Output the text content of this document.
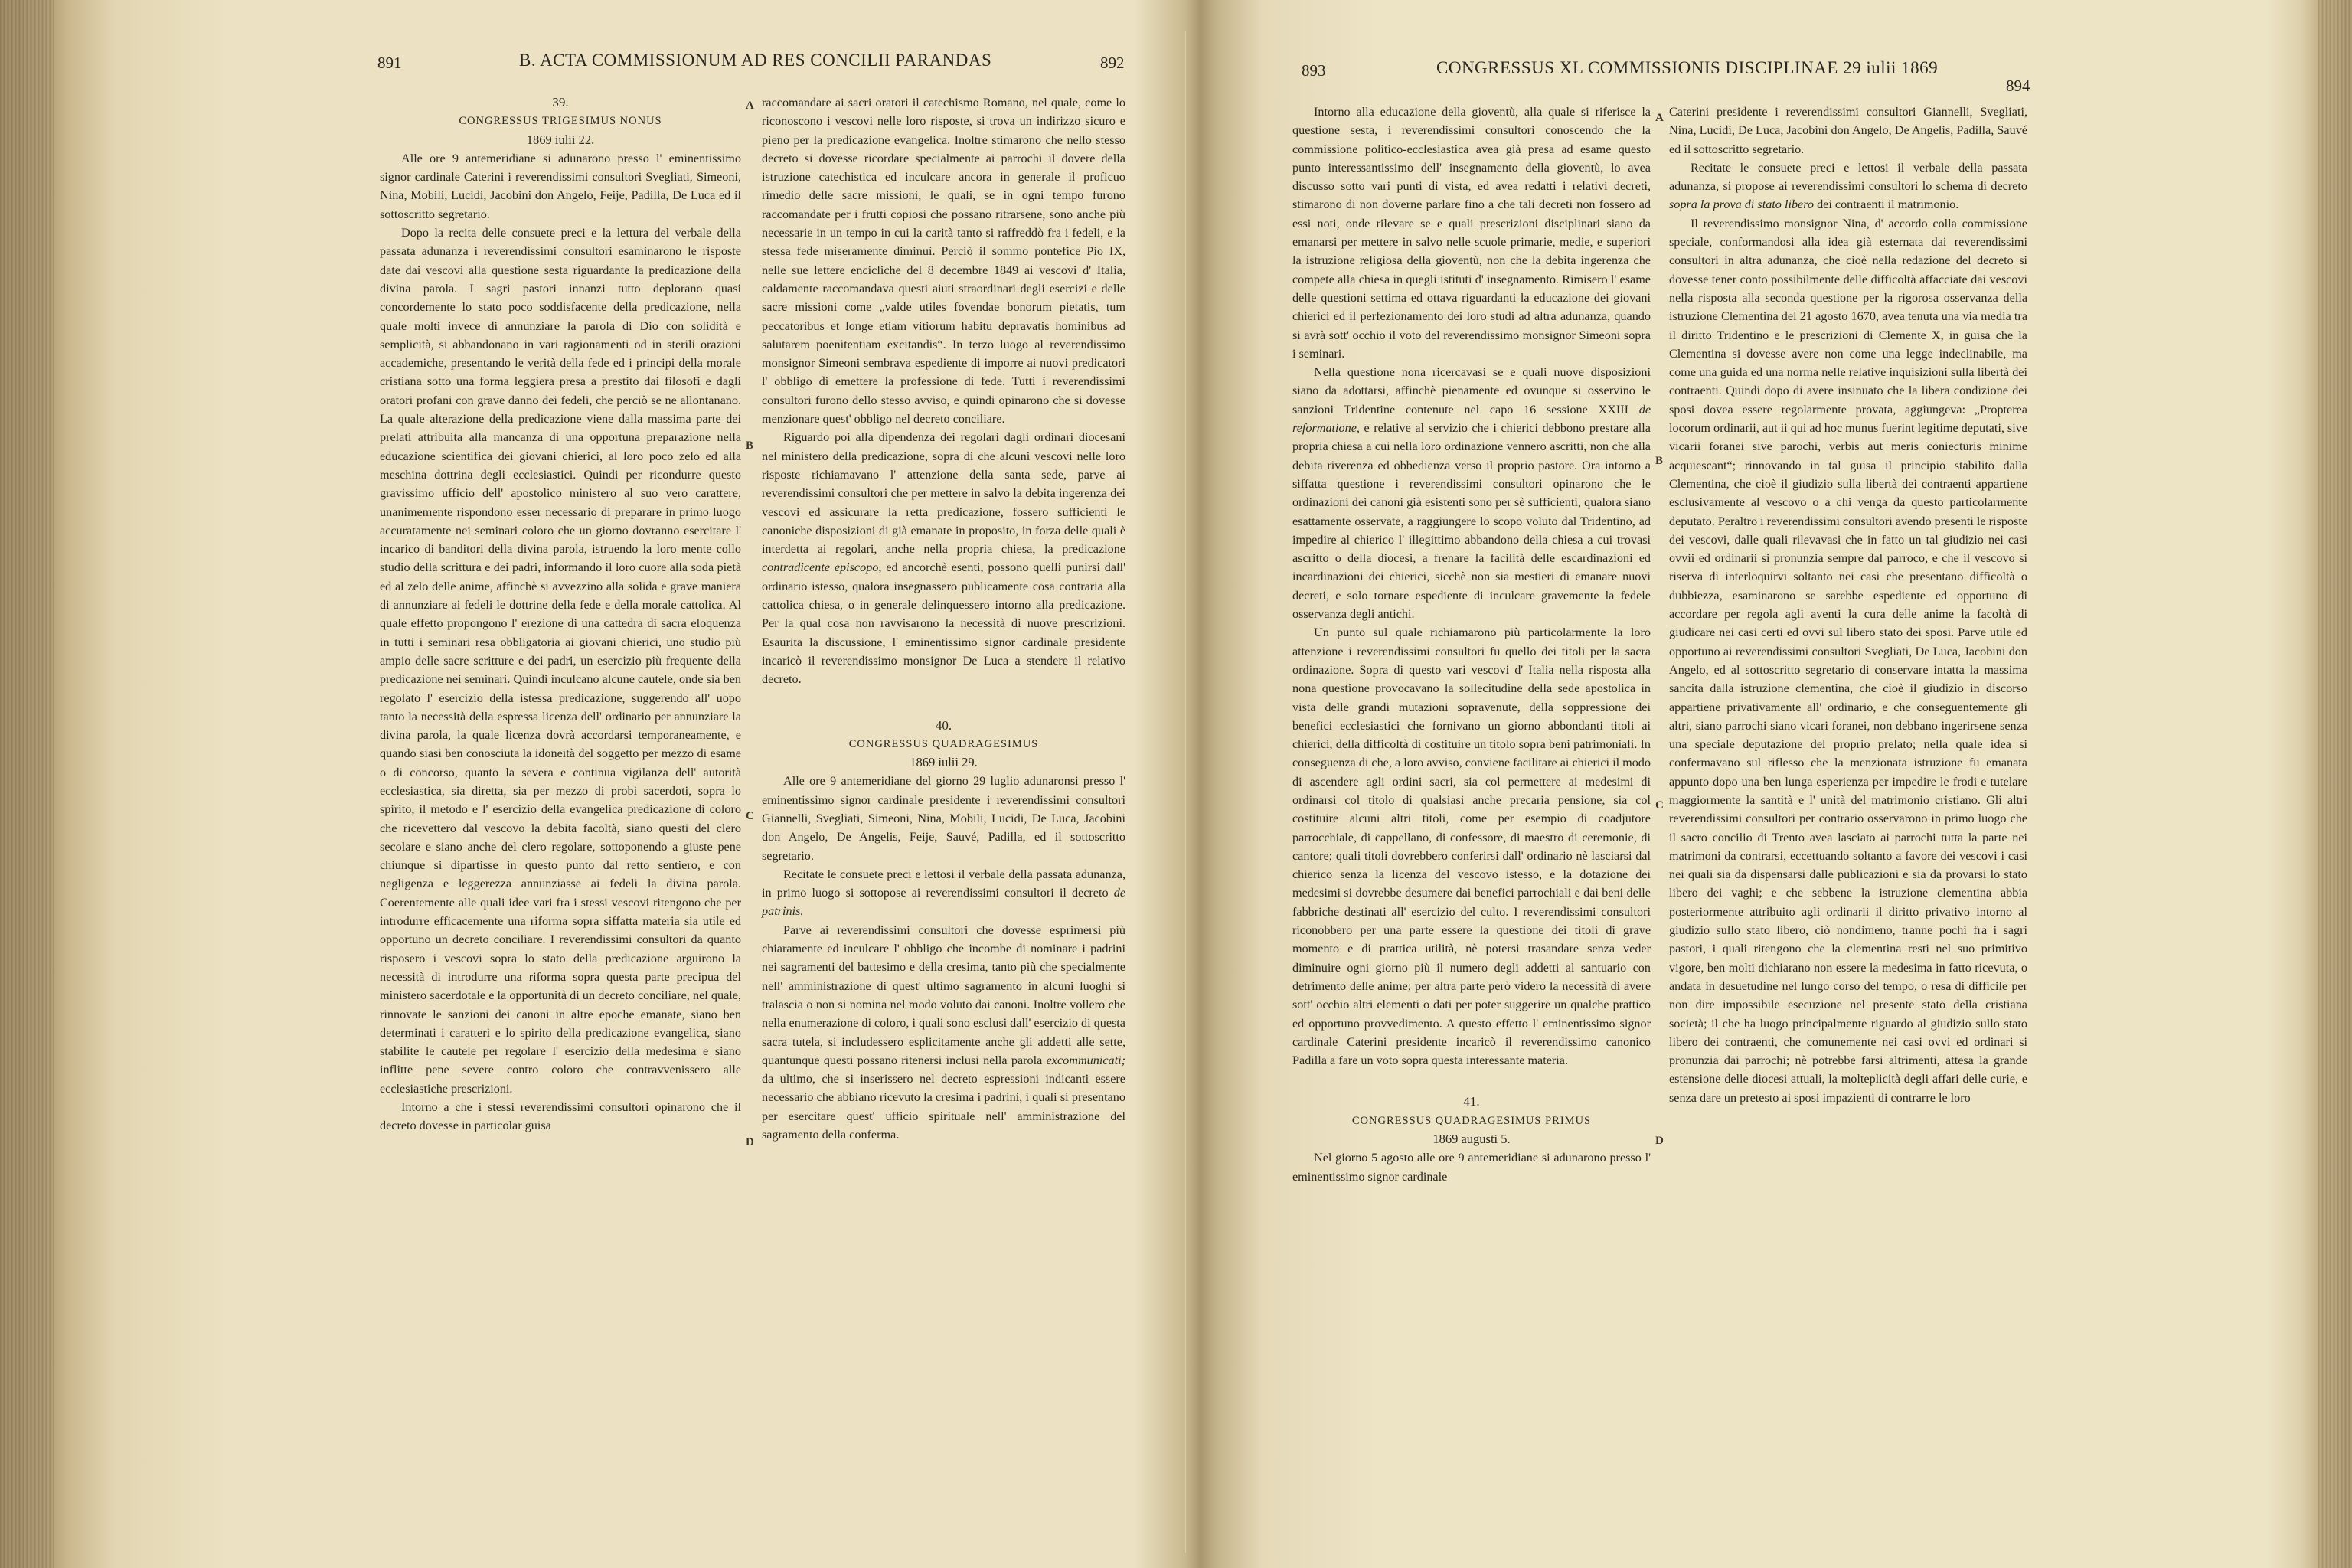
891	B. ACTA COMMISSIONUM AD RES CONCILII PARANDAS	892

39.

CONGRESSUS TRIGESIMUS NONUS

1869 iulii 22.

Alle ore 9 antemeridiane si adunarono presso l' eminentissimo signor cardinale Caterini i reverendissimi consultori Svegliati, Simeoni, Nina, Mobili, Lucidi, Jacobini don Angelo, Feije, Padilla, De Luca ed il sottoscritto segretario.

Dopo la recita delle consuete preci e la lettura del verbale della passata adunanza i reverendissimi consultori esaminarono le risposte date dai vescovi alla questione sesta riguardante la predicazione della divina parola. I sagri pastori innanzi tutto deplorano quasi concordemente lo stato poco soddisfacente della predicazione, nella quale molti invece di annunziare la parola di Dio con solidità e semplicità, si abbandonano in vari ragionamenti od in sterili orazioni accademiche, presentando le verità della fede ed i principi della morale cristiana sotto una forma leggiera presa a prestito dai filosofi e dagli oratori profani con grave danno dei fedeli, che perciò se ne allontanano. La quale alterazione della predicazione viene dalla massima parte dei prelati attribuita alla mancanza di una opportuna preparazione nella educazione scientifica dei giovani chierici, al loro poco zelo ed alla meschina dottrina degli ecclesiastici. Quindi per ricondurre questo gravissimo ufficio dell' apostolico ministero al suo vero carattere, unanimemente rispondono esser necessario di preparare in primo luogo accuratamente nei seminari coloro che un giorno dovranno esercitare l' incarico di banditori della divina parola, istruendo la loro mente collo studio della scrittura e dei padri, informando il loro cuore alla soda pietà ed al zelo delle anime, affinchè si avvezzino alla solida e grave maniera di annunziare ai fedeli le dottrine della fede e della morale cattolica. Al quale effetto propongono l' erezione di una cattedra di sacra eloquenza in tutti i seminari resa obbligatoria ai giovani chierici, uno studio più ampio delle sacre scritture e dei padri, un esercizio più frequente della predicazione nei seminari. Quindi inculcano alcune cautele, onde sia ben regolato l' esercizio della istessa predicazione, suggerendo all' uopo tanto la necessità della espressa licenza dell' ordinario per annunziare la divina parola, la quale licenza dovrà accordarsi temporaneamente, e quando siasi ben conosciuta la idoneità del soggetto per mezzo di esame o di concorso, quanto la severa e continua vigilanza dell' autorità ecclesiastica, sia diretta, sia per mezzo di probi sacerdoti, sopra lo spirito, il metodo e l' esercizio della evangelica predicazione di coloro che ricevettero dal vescovo la debita facoltà, siano questi del clero secolare e siano anche del clero regolare, sottoponendo a giuste pene chiunque si dipartisse in questo punto dal retto sentiero, e con negligenza e leggerezza annunziasse ai fedeli la divina parola. Coerentemente alle quali idee vari fra i stessi vescovi ritengono che per introdurre efficacemente una riforma sopra siffatta materia sia utile ed opportuno un decreto conciliare. I reverendissimi consultori da quanto risposero i vescovi sopra lo stato della predicazione arguirono la necessità di introdurre una riforma sopra questa parte precipua del ministero sacerdotale e la opportunità di un decreto conciliare, nel quale, rinnovate le sanzioni dei canoni in altre epoche emanate, siano ben determinati i caratteri e lo spirito della predicazione evangelica, siano stabilite le cautele per regolare l' esercizio della medesima e siano inflitte pene severe contro coloro che contravvenissero alle ecclesiastiche prescrizioni.

Intorno a che i stessi reverendissimi consultori opinarono che il decreto dovesse in particolar guisa

A
B
C
D

raccomandare ai sacri oratori il catechismo Romano, nel quale, come lo riconoscono i vescovi nelle loro risposte, si trova un indirizzo sicuro e pieno per la predicazione evangelica. Inoltre stimarono che nello stesso decreto si dovesse ricordare specialmente ai parrochi il dovere della istruzione catechistica ed inculcare ancora in generale il proficuo rimedio delle sacre missioni, le quali, se in ogni tempo furono raccomandate per i frutti copiosi che possano ritrarsene, sono anche più necessarie in un tempo in cui la carità tanto si raffreddò fra i fedeli, e la stessa fede miseramente diminuì. Perciò il sommo pontefice Pio IX, nelle sue lettere encicliche del 8 decembre 1849 ai vescovi d' Italia, caldamente raccomandava questi aiuti straordinari degli esercizi e delle sacre missioni come „valde utiles fovendae bonorum pietatis, tum peccatoribus et longe etiam vitiorum habitu depravatis hominibus ad salutarem poenitentiam excitandis“. In terzo luogo al reverendissimo monsignor Simeoni sembrava espediente di imporre ai nuovi predicatori l' obbligo di emettere la professione di fede. Tutti i reverendissimi consultori furono dello stesso avviso, e quindi opinarono che si dovesse menzionare quest' obbligo nel decreto conciliare.

Riguardo poi alla dipendenza dei regolari dagli ordinari diocesani nel ministero della predicazione, sopra di che alcuni vescovi nelle loro risposte richiamavano l' attenzione della santa sede, parve ai reverendissimi consultori che per mettere in salvo la debita ingerenza dei vescovi ed assicurare la retta predicazione, fossero sufficienti le canoniche disposizioni di già emanate in proposito, in forza delle quali è interdetta ai regolari, anche nella propria chiesa, la predicazione contradicente episcopo, ed ancorchè esenti, possono quelli punirsi dall' ordinario istesso, qualora insegnassero publicamente cosa contraria alla cattolica chiesa, o in generale delinquessero intorno alla predicazione. Per la qual cosa non ravvisarono la necessità di nuove prescrizioni. Esaurita la discussione, l' eminentissimo signor cardinale presidente incaricò il reverendissimo monsignor De Luca a stendere il relativo decreto.

40.

CONGRESSUS QUADRAGESIMUS

1869 iulii 29.

Alle ore 9 antemeridiane del giorno 29 luglio adunaronsi presso l' eminentissimo signor cardinale presidente i reverendissimi consultori Giannelli, Svegliati, Simeoni, Nina, Mobili, Lucidi, De Luca, Jacobini don Angelo, De Angelis, Feije, Sauvé, Padilla, ed il sottoscritto segretario.

Recitate le consuete preci e lettosi il verbale della passata adunanza, in primo luogo si sottopose ai reverendissimi consultori il decreto de patrinis.

Parve ai reverendissimi consultori che dovesse esprimersi più chiaramente ed inculcare l' obbligo che incombe di nominare i padrini nei sagramenti del battesimo e della cresima, tanto più che specialmente nell' amministrazione di quest' ultimo sagramento in alcuni luoghi si tralascia o non si nomina nel modo voluto dai canoni. Inoltre vollero che nella enumerazione di coloro, i quali sono esclusi dall' esercizio di questa sacra tutela, si includessero esplicitamente anche gli addetti alle sette, quantunque questi possano ritenersi inclusi nella parola excommunicati; da ultimo, che si inserissero nel decreto espressioni indicanti essere necessario che abbiano ricevuto la cresima i padrini, i quali si presentano per esercitare quest' ufficio spirituale nell' amministrazione del sagramento della conferma.

893	CONGRESSUS XL COMMISSIONIS DISCIPLINAE 29 iulii 1869
894

Intorno alla educazione della gioventù, alla quale si riferisce la questione sesta, i reverendissimi consultori conoscendo che la commissione politico-ecclesiastica avea già presa ad esame questo punto interessantissimo dell' insegnamento della gioventù, lo avea discusso sotto vari punti di vista, ed avea redatti i relativi decreti, stimarono di non doverne parlare fino a che tali decreti non fossero ad essi noti, onde rilevare se e quali prescrizioni disciplinari siano da emanarsi per mettere in salvo nelle scuole primarie, medie, e superiori la istruzione religiosa della gioventù, non che la debita ingerenza che compete alla chiesa in quegli istituti d' insegnamento. Rimisero l' esame delle questioni settima ed ottava riguardanti la educazione dei giovani chierici ed il perfezionamento dei loro studi ad altra adunanza, quando si avrà sott' occhio il voto del reverendissimo monsignor Simeoni sopra i seminari.

Nella questione nona ricercavasi se e quali nuove disposizioni siano da adottarsi, affinchè pienamente ed ovunque si osservino le sanzioni Tridentine contenute nel capo 16 sessione XXIII de reformatione, e relative al servizio che i chierici debbono prestare alla propria chiesa a cui nella loro ordinazione vennero ascritti, non che alla debita riverenza ed obbedienza verso il proprio pastore. Ora intorno a siffatta questione i reverendissimi consultori opinarono che le ordinazioni dei canoni già esistenti sono per sè sufficienti, qualora siano esattamente osservate, a raggiungere lo scopo voluto dal Tridentino, ad impedire al chierico l' illegittimo abbandono della chiesa a cui trovasi ascritto o della diocesi, a frenare la facilità delle escardinazioni ed incardinazioni dei chierici, sicchè non sia mestieri di emanare nuovi decreti, e solo tornare espediente di inculcare gravemente la fedele osservanza degli antichi.

Un punto sul quale richiamarono più particolarmente la loro attenzione i reverendissimi consultori fu quello dei titoli per la sacra ordinazione. Sopra di questo vari vescovi d' Italia nella risposta alla nona questione provocavano la sollecitudine della sede apostolica in vista delle grandi mutazioni sopravenute, della soppressione dei benefici ecclesiastici che fornivano un giorno abbondanti titoli ai chierici, della difficoltà di costituire un titolo sopra beni patrimoniali. In conseguenza di che, a loro avviso, conviene facilitare ai chierici il modo di ascendere agli ordini sacri, sia col permettere ai medesimi di ordinarsi col titolo di qualsiasi anche precaria pensione, sia col costituire alcuni altri titoli, come per esempio di coadjutore parrocchiale, di cappellano, di confessore, di maestro di ceremonie, di cantore; quali titoli dovrebbero conferirsi dall' ordinario nè lasciarsi dal chierico senza la licenza del vescovo istesso, e la dotazione dei medesimi si dovrebbe desumere dai benefici parrochiali e dai beni delle fabbriche destinati all' esercizio del culto. I reverendissimi consultori riconobbero per una parte essere la questione dei titoli di grave momento e di prattica utilità, nè potersi trasandare senza veder diminuire ogni giorno più il numero degli addetti al santuario con detrimento delle anime; per altra parte però videro la necessità di avere sott' occhio altri elementi o dati per poter suggerire un qualche prattico ed opportuno provvedimento. A questo effetto l' eminentissimo signor cardinale Caterini presidente incaricò il reverendissimo canonico Padilla a fare un voto sopra questa interessante materia.

41.

CONGRESSUS QUADRAGESIMUS PRIMUS

1869 augusti 5.

Nel giorno 5 agosto alle ore 9 antemeridiane si adunarono presso l' eminentissimo signor cardinale

A
B
C
D

Caterini presidente i reverendissimi consultori Giannelli, Svegliati, Nina, Lucidi, De Luca, Jacobini don Angelo, De Angelis, Padilla, Sauvé ed il sottoscritto segretario.

Recitate le consuete preci e lettosi il verbale della passata adunanza, si propose ai reverendissimi consultori lo schema di decreto sopra la prova di stato libero dei contraenti il matrimonio.

Il reverendissimo monsignor Nina, d' accordo colla commissione speciale, conformandosi alla idea già esternata dai reverendissimi consultori in altra adunanza, che cioè nella redazione del decreto si dovesse tener conto possibilmente delle difficoltà affacciate dai vescovi nella risposta alla seconda questione per la rigorosa osservanza della istruzione Clementina del 21 agosto 1670, avea tenuta una via media tra il diritto Tridentino e le prescrizioni di Clemente X, in guisa che la Clementina si dovesse avere non come una legge indeclinabile, ma come una guida ed una norma nelle relative inquisizioni sulla libertà dei contraenti. Quindi dopo di avere insinuato che la libera condizione dei sposi dovea essere regolarmente provata, aggiungeva: „Propterea locorum ordinarii, aut ii qui ad hoc munus fuerint legitime deputati, sive vicarii foranei sive parochi, verbis aut meris coniecturis minime acquiescant“; rinnovando in tal guisa il principio stabilito dalla Clementina, che cioè il giudizio sulla libertà dei contraenti appartiene esclusivamente al vescovo o a chi venga da questo particolarmente deputato. Peraltro i reverendissimi consultori avendo presenti le risposte dei vescovi, dalle quali rilevavasi che in fatto un tal giudizio nei casi ovvii ed ordinarii si pronunzia sempre dal parroco, e che il vescovo si riserva di interloquirvi soltanto nei casi che presentano difficoltà o dubbiezza, esaminarono se sarebbe espediente ed opportuno di accordare per regola agli aventi la cura delle anime la facoltà di giudicare nei casi certi ed ovvi sul libero stato dei sposi. Parve utile ed opportuno ai reverendissimi consultori Svegliati, De Luca, Jacobini don Angelo, ed al sottoscritto segretario di conservare intatta la massima sancita dalla istruzione clementina, che cioè il giudizio in discorso appartiene privativamente all' ordinario, e che conseguentemente gli altri, siano parrochi siano vicari foranei, non debbano ingerirsene senza una speciale deputazione del proprio prelato; nella quale idea si confermavano sul riflesso che la menzionata istruzione fu emanata appunto dopo una ben lunga esperienza per impedire le frodi e tutelare maggiormente la santità e l' unità del matrimonio cristiano. Gli altri reverendissimi consultori per contrario osservarono in primo luogo che il sacro concilio di Trento avea lasciato ai parrochi tutta la parte nei matrimoni da contrarsi, eccettuando soltanto a favore dei vescovi i casi nei quali sia da dispensarsi dalle publicazioni e sia da provarsi lo stato libero dei vaghi; e che sebbene la istruzione clementina abbia posteriormente attribuito agli ordinarii il diritto privativo intorno al giudizio sullo stato libero, ciò nondimeno, tranne pochi fra i sagri pastori, i quali ritengono che la clementina resti nel suo primitivo vigore, ben molti dichiarano non essere la medesima in fatto ricevuta, o andata in desuetudine nel lungo corso del tempo, o resa di difficile per non dire impossibile esecuzione nel presente stato della cristiana società; il che ha luogo principalmente riguardo al giudizio sullo stato libero dei contraenti, che comunemente nei casi ovvi ed ordinari si pronunzia dai parrochi; nè potrebbe farsi altrimenti, attesa la grande estensione delle diocesi attuali, la molteplicità degli affari delle curie, e senza dare un pretesto ai sposi impazienti di contrarre le loro
